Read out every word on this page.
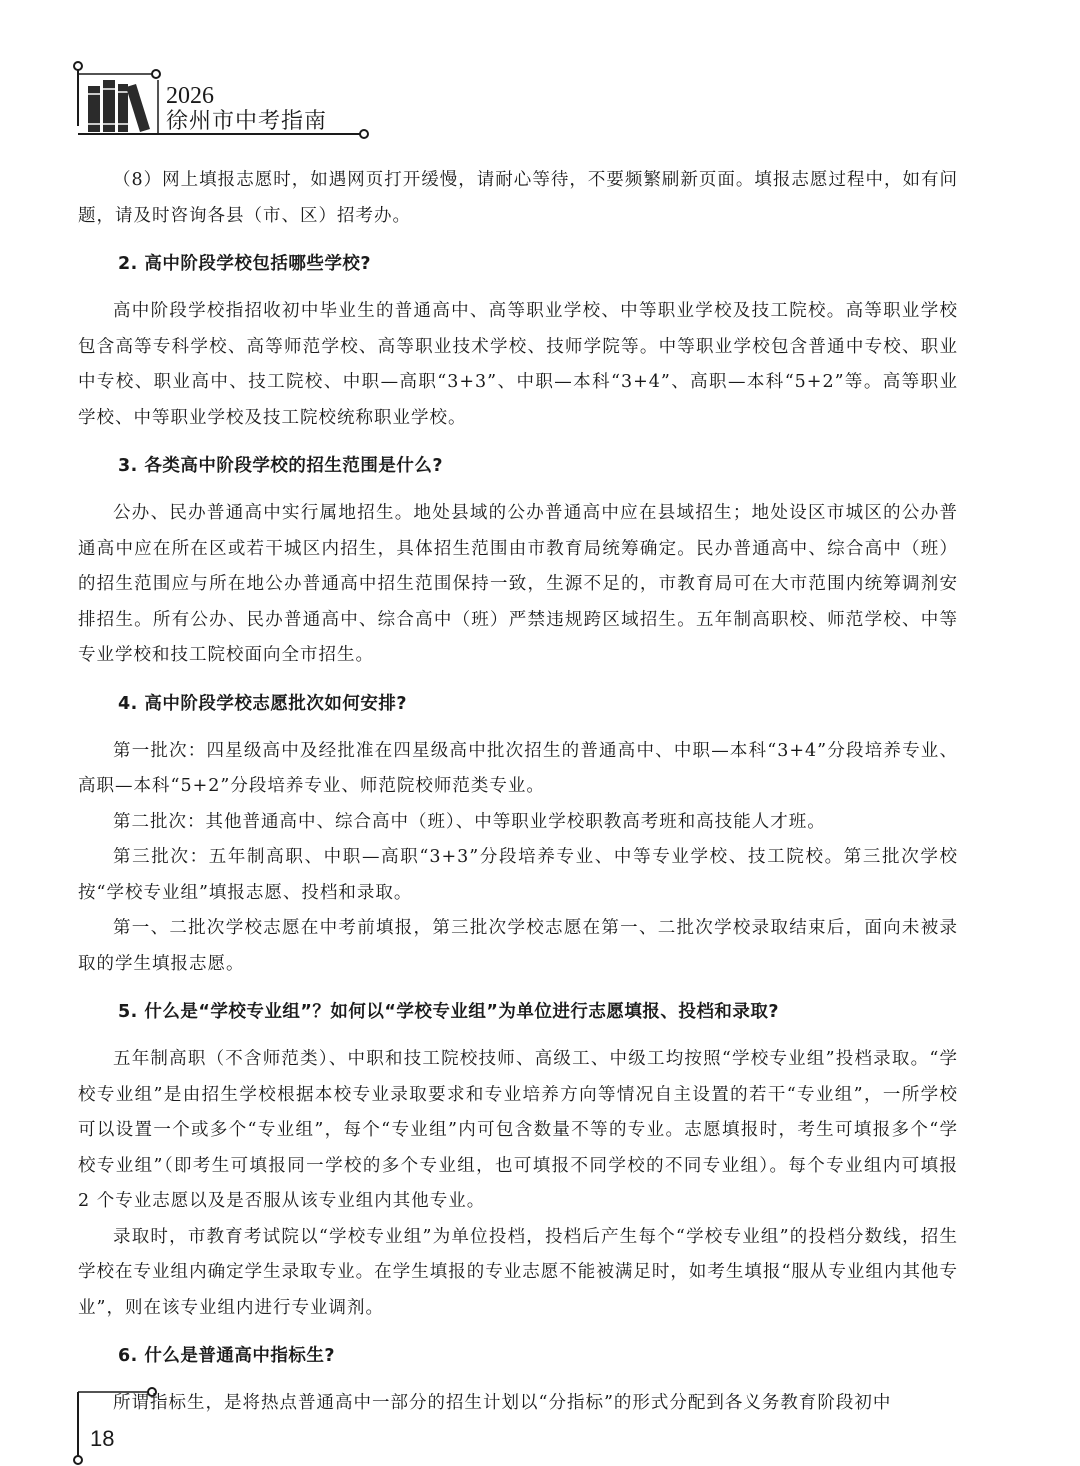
2026
徐州市中考指南

（8）网上填报志愿时，如遇网页打开缓慢，请耐心等待，不要频繁刷新页面。填报志愿过程中，如有问题，请及时咨询各县（市、区）招考办。

2. 高中阶段学校包括哪些学校?

高中阶段学校指招收初中毕业生的普通高中、高等职业学校、中等职业学校及技工院校。高等职业学校包含高等专科学校、高等师范学校、高等职业技术学校、技师学院等。中等职业学校包含普通中专校、职业中专校、职业高中、技工院校、中职—高职“3+3”、中职—本科“3+4”、高职—本科“5+2”等。高等职业学校、中等职业学校及技工院校统称职业学校。

3. 各类高中阶段学校的招生范围是什么?

公办、民办普通高中实行属地招生。地处县域的公办普通高中应在县域招生；地处设区市城区的公办普通高中应在所在区或若干城区内招生，具体招生范围由市教育局统筹确定。民办普通高中、综合高中（班）的招生范围应与所在地公办普通高中招生范围保持一致，生源不足的，市教育局可在大市范围内统筹调剂安排招生。所有公办、民办普通高中、综合高中（班）严禁违规跨区域招生。五年制高职校、师范学校、中等专业学校和技工院校面向全市招生。

4. 高中阶段学校志愿批次如何安排?

第一批次：四星级高中及经批准在四星级高中批次招生的普通高中、中职—本科“3+4”分段培养专业、高职—本科“5+2”分段培养专业、师范院校师范类专业。

第二批次：其他普通高中、综合高中（班）、中等职业学校职教高考班和高技能人才班。

第三批次：五年制高职、中职—高职“3+3”分段培养专业、中等专业学校、技工院校。第三批次学校按“学校专业组”填报志愿、投档和录取。

第一、二批次学校志愿在中考前填报，第三批次学校志愿在第一、二批次学校录取结束后，面向未被录取的学生填报志愿。

5. 什么是“学校专业组”？如何以“学校专业组”为单位进行志愿填报、投档和录取?

五年制高职（不含师范类）、中职和技工院校技师、高级工、中级工均按照“学校专业组”投档录取。“学校专业组”是由招生学校根据本校专业录取要求和专业培养方向等情况自主设置的若干“专业组”，一所学校可以设置一个或多个“专业组”，每个“专业组”内可包含数量不等的专业。志愿填报时，考生可填报多个“学校专业组”（即考生可填报同一学校的多个专业组，也可填报不同学校的不同专业组）。每个专业组内可填报 2 个专业志愿以及是否服从该专业组内其他专业。

录取时，市教育考试院以“学校专业组”为单位投档，投档后产生每个“学校专业组”的投档分数线，招生学校在专业组内确定学生录取专业。在学生填报的专业志愿不能被满足时，如考生填报“服从专业组内其他专业”，则在该专业组内进行专业调剂。

6. 什么是普通高中指标生?

所谓指标生，是将热点普通高中一部分的招生计划以“分指标”的形式分配到各义务教育阶段初中

18
